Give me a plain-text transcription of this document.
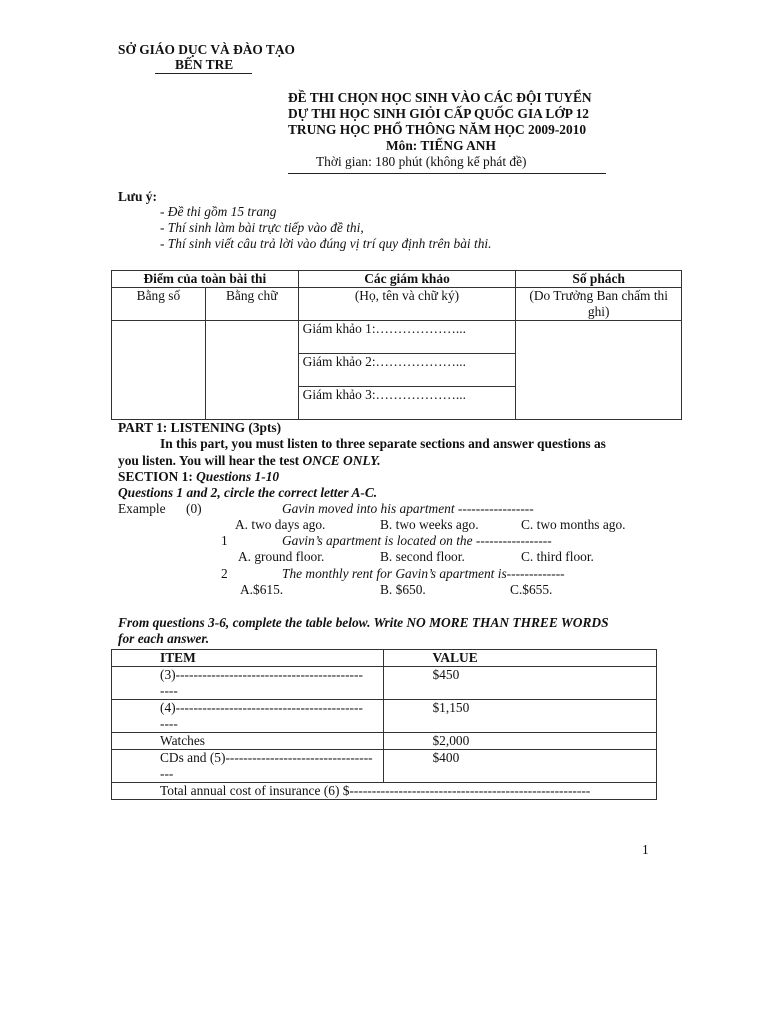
SỞ GIÁO DỤC VÀ ĐÀO TẠO
BẾN TRE
ĐỀ THI CHỌN HỌC SINH VÀO CÁC ĐỘI TUYỂN
DỰ THI HỌC SINH GIỎI CẤP QUỐC GIA LỚP 12
TRUNG HỌC PHỔ THÔNG NĂM HỌC 2009-2010
Môn: TIẾNG ANH
Thời gian: 180 phút (không kể phát đề)
Lưu ý:
- Đề thi gồm 15 trang
- Thí sinh làm bài trực tiếp vào đề thi,
- Thí sinh viết câu trả lời vào đúng vị trí quy định trên bài thi.
Điểm của toàn bài thi		Các giám khảo	Số phách
Bằng số	Bằng chữ	(Họ, tên và chữ ký)	(Do Trưởng Ban chấm thi ghi)
		Giám khảo 1:………………...	
		Giám khảo 2:………………...	
		Giám khảo 3:………………...	
PART 1: LISTENING (3pts)
In this part, you must listen to three separate sections and answer questions as
you listen. You will hear the test ONCE ONLY.
SECTION 1: Questions 1-10
Questions 1 and 2, circle the correct letter A-C.
Example (0)	Gavin moved into his apartment -----------------
A. two days ago.	B. two weeks ago.	C. two months ago.
1	Gavin’s apartment is located on the -----------------
A. ground floor.	B. second floor.	C. third floor.
2	The monthly rent for Gavin’s apartment is-------------
A.$615.	B. $650.	C.$655.
From questions 3-6, complete the table below. Write NO MORE THAN THREE WORDS
for each answer.
ITEM	VALUE

(3)------------------------------------------
----	$450

(4)------------------------------------------
----	$1,150
Watches	$2,000

CDs and (5)---------------------------------
---	$400
Total annual cost of insurance (6) $------------------------------------------------------	
1
